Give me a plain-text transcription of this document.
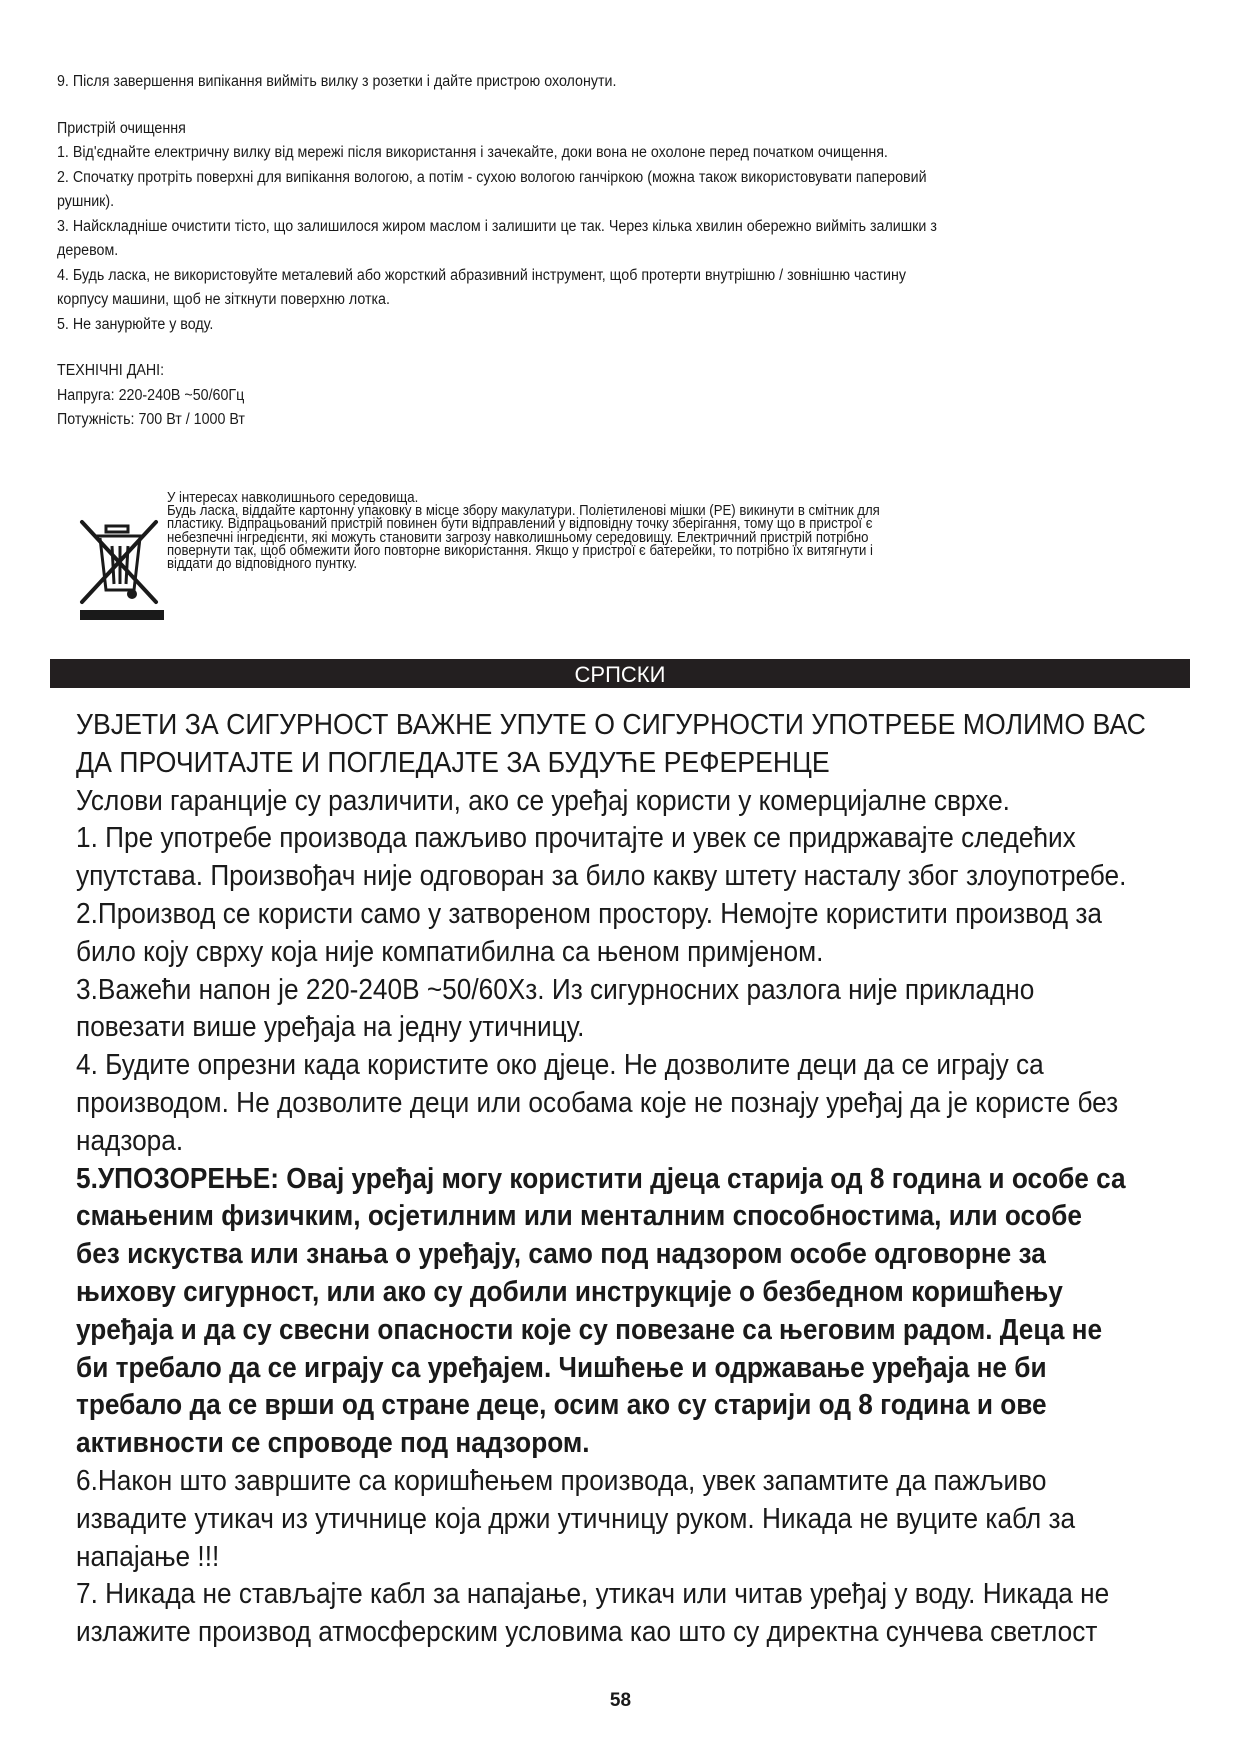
9. Після завершення випікання вийміть вилку з розетки і дайте пристрою охолонути.

Пристрій очищення

1. Від'єднайте електричну вилку від мережі після використання і зачекайте, доки вона не охолоне перед початком очищення.

2. Спочатку протріть поверхні для випікання вологою, а потім - сухою вологою ганчіркою (можна також використовувати паперовий

рушник).

3. Найскладніше очистити тісто, що залишилося жиром маслом і залишити це так. Через кілька хвилин обережно вийміть залишки з

деревом.

4. Будь ласка, не використовуйте металевий або жорсткий абразивний інструмент, щоб протерти внутрішню / зовнішню частину

корпусу машини, щоб не зіткнути поверхню лотка.

5. Не занурюйте у воду.

ТЕХНІЧНІ ДАНІ:

Напруга: 220-240В ~50/60Гц

Потужність: 700 Вт / 1000 Вт

У інтересах навколишнього середовища.

Будь ласка, віддайте картонну упаковку в місце збору макулатури. Поліетиленові мішки (PE) викинути в смітник для

пластику. Відпрацьований пристрій повинен бути відправлений у відповідну точку зберігання, тому що в пристрої є

небезпечні інгредієнти, які можуть становити загрозу навколишньому середовищу. Електричний пристрій потрібно

повернути так, щоб обмежити його повторне використання. Якщо у пристрої є батерейки, то потрібно їх витягнути і

віддати до відповідного пунтку.

СРПСКИ

УВЈЕТИ ЗА СИГУРНОСТ ВАЖНЕ УПУТЕ О СИГУРНОСТИ УПОТРЕБЕ МОЛИМО ВАС

ДА ПРОЧИТАЈТЕ И ПОГЛЕДАЈТЕ ЗА БУДУЋЕ РЕФЕРЕНЦЕ

Услови гаранције су различити, ако се уређај користи у комерцијалне сврхе.

1. Пре употребе производа пажљиво прочитајте и увек се придржавајте следећих

упутстава. Произвођач није одговоран за било какву штету насталу због злоупотребе.

2.Производ се користи само у затвореном простору. Немојте користити производ за

било коју сврху која није компатибилна са њеном примјеном.

3.Важећи напон је 220-240В ~50/60Хз. Из сигурносних разлога није прикладно

повезати више уређаја на једну утичницу.

4. Будите опрезни када користите око дјеце. Не дозволите деци да се играју са

производом. Не дозволите деци или особама које не познају уређај да је користе без

надзора.

5.УПОЗОРЕЊЕ: Овај уређај могу користити дјеца старија од 8 година и особе са

смањеним физичким, осјетилним или менталним способностима, или особе

без искуства или знања о уређају, само под надзором особе одговорне за

њихову сигурност, или ако су добили инструкције о безбедном коришћењу

уређаја и да су свесни опасности које су повезане са његовим радом. Деца не

би требало да се играју са уређајем. Чишћење и одржавање уређаја не би

требало да се врши од стране деце, осим ако су старији од 8 година и ове

активности се спроводе под надзором.

6.Након што завршите са коришћењем производа, увек запамтите да пажљиво

извадите утикач из утичнице која држи утичницу руком. Никада не вуците кабл за

напајање !!!

7. Никада не стављајте кабл за напајање, утикач или читав уређај у воду. Никада не

излажите производ атмосферским условима као што су директна сунчева светлост

58
